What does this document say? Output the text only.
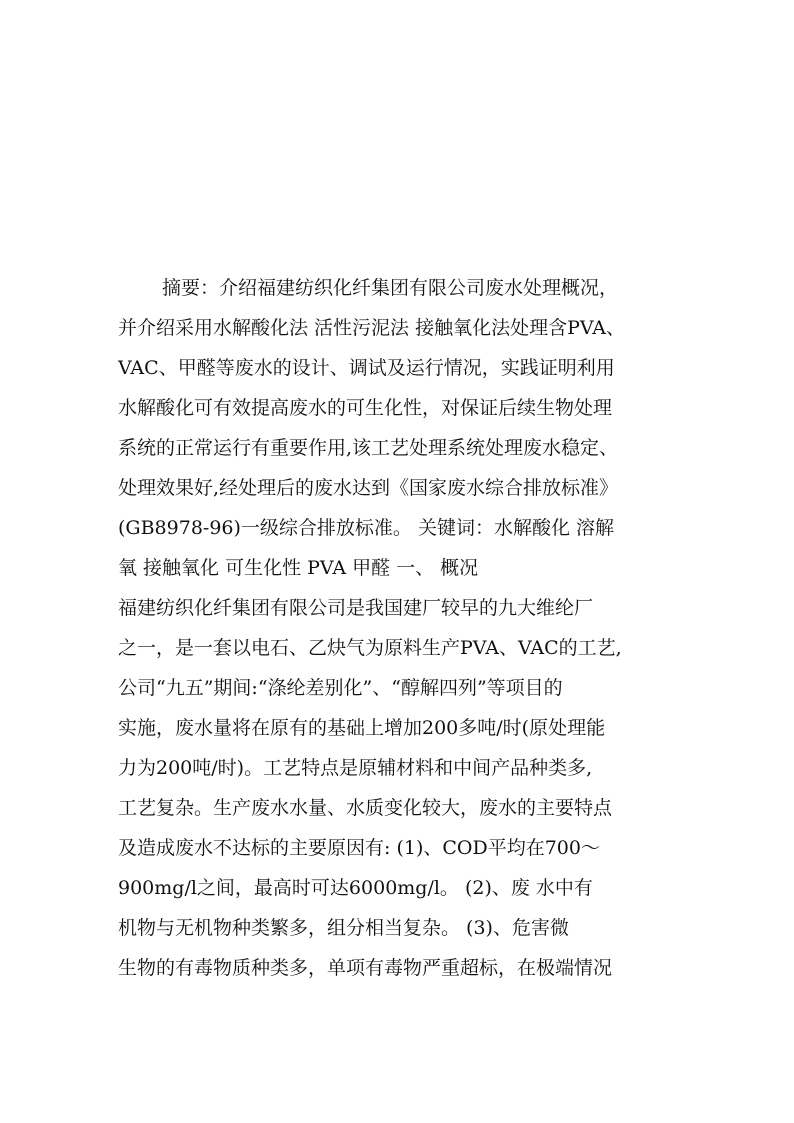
摘要：介绍福建纺织化纤集团有限公司废水处理概况，
并介绍采用水解酸化法 活性污泥法 接触氧化法处理含PVA、
VAC、甲醛等废水的设计、调试及运行情况，实践证明利用
水解酸化可有效提高废水的可生化性，对保证后续生物处理
系统的正常运行有重要作用,该工艺处理系统处理废水稳定、
处理效果好,经处理后的废水达到《国家废水综合排放标准》
(GB8978-96)一级综合排放标准。 关键词：水解酸化 溶解
氧 接触氧化 可生化性 PVA 甲醛 一、 概况
福建纺织化纤集团有限公司是我国建厂较早的九大维纶厂
之一，是一套以电石、乙炔气为原料生产PVA、VAC的工艺,
公司“九五”期间:“涤纶差别化”、“醇解四列”等项目的
实施，废水量将在原有的基础上增加200多吨/时(原处理能
力为200吨/时)。工艺特点是原辅材料和中间产品种类多,
工艺复杂。生产废水水量、水质变化较大，废水的主要特点
及造成废水不达标的主要原因有: (1)、COD平均在700～
900mg/l之间，最高时可达6000mg/l。 (2)、废 水中有
机物与无机物种类繁多，组分相当复杂。 (3)、危害微
生物的有毒物质种类多，单项有毒物严重超标，在极端情况
